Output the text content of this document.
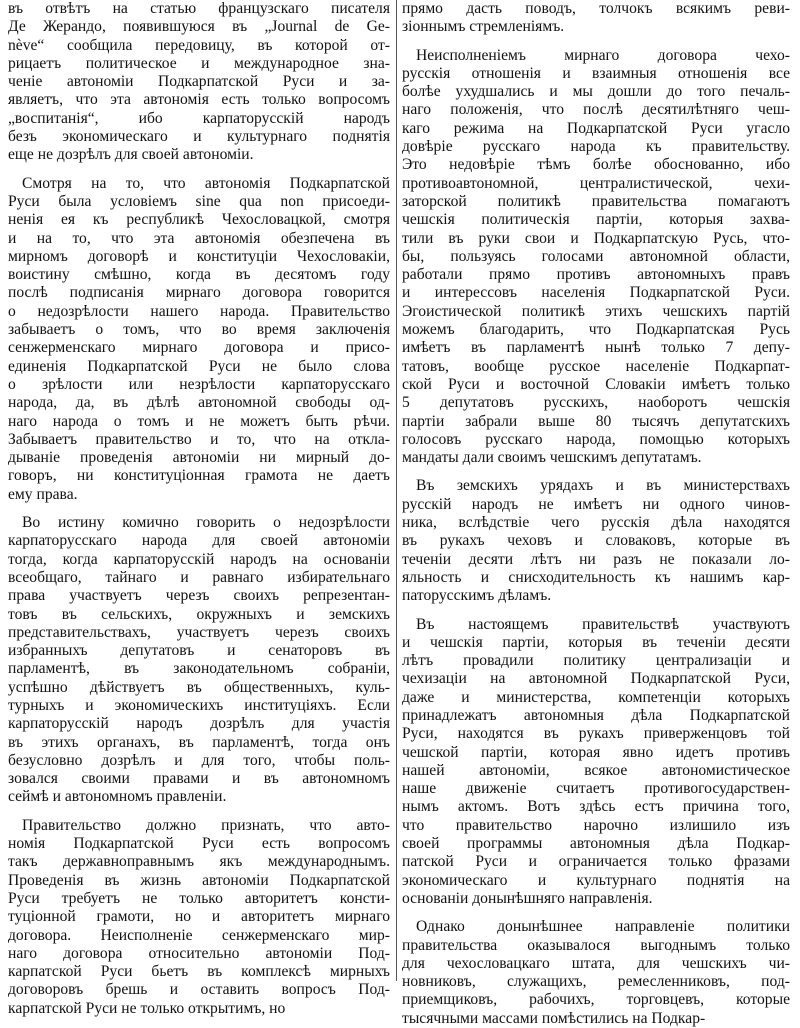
въ отвѣтъ на статью французскаго писателя
Де Жерандо, появившуюся въ „Journal de Ge-
nève“ сообщила передовицу, въ которой от-
рицаетъ политическое и международное зна-
ченіе автономіи Подкарпатской Руси и за-
являетъ, что эта автономія есть только вопросомъ
„воспитанія“, ибо карпаторусскій народъ
безъ экономическаго и культурнаго поднятія
еще не дозрѣлъ для своей автономіи.
Смотря на то, что автономія Подкарпатской
Руси была условіемъ sine qua non присоеди-
ненія ея къ республикѣ Чехословацкой, смотря
и на то, что эта автономія обезпечена въ
мирномъ договорѣ и конституціи Чехословакіи,
воистину смѣшно, когда въ десятомъ году
послѣ подписанія мирнаго договора говорится
о недозрѣлости нашего народа. Правительство
забываетъ о томъ, что во время заключенія
сенжерменскаго мирнаго договора и присо-
единенія Подкарпатской Руси не было слова
о зрѣлости или незрѣлости карпаторусскаго
народа, да, въ дѣлѣ автономной свободы од-
наго народа о томъ и не можетъ быть рѣчи.
Забываетъ правительство и то, что на откла-
дываніе проведенія автономіи ни мирный до-
говоръ, ни конституціонная грамота не даетъ
ему права.
Во истину комично говорить о недозрѣлости
карпаторусскаго народа для своей автономіи
тогда, когда карпаторусскій народъ на основаніи
всеобщаго, тайнаго и равнаго избирательнаго
права участвуетъ черезъ своихъ репрезентан-
товъ въ сельскихъ, окружныхъ и земскихъ
представительствахъ, участвуетъ черезъ своихъ
избранныхъ депутатовъ и сенаторовъ въ
парламентѣ, въ законодательномъ собраніи,
успѣшно дѣйствуетъ въ общественныхъ, куль-
турныхъ и экономическихъ институціяхъ. Если
карпаторусскій народъ дозрѣлъ для участія
въ этихъ органахъ, въ парламентѣ, тогда онъ
безусловно дозрѣлъ и для того, чтобы поль-
зовался своими правами и въ автономномъ
сеймѣ и автономномъ правленіи.
Правительство должно признать, что авто-
номія Подкарпатской Руси есть вопросомъ
такъ державноправнымъ якъ международнымъ.
Проведенія въ жизнь автономіи Подкарпатской
Руси требуетъ не только авторитетъ консти-
туціонной грамоти, но и авторитетъ мирнаго
договора. Неисполненіе сенжерменскаго мир-
наго договора относительно автономіи Под-
карпатской Руси бьетъ въ комплексѣ мирныхъ
договоровъ брешь и оставить вопросъ Под-
карпатской Руси не только открытимъ, но
прямо дасть поводъ, толчокъ всякимъ реви-
зіоннымъ стремленіямъ.
Неисполненіемъ мирнаго договора чехо-
русскія отношенія и взаимныя отношенія все
болѣе ухудшались и мы дошли до того печаль-
наго положенія, что послѣ десятилѣтняго чеш-
каго режима на Подкарпатской Руси угасло
довѣріе русскаго народа къ правительству.
Это недовѣріе тѣмъ болѣе обоснованно, ибо
противоавтономной, централистической, чехи-
заторской политикѣ правительства помагаютъ
чешскія политическія партіи, которыя захва-
тили въ руки свои и Подкарпатскую Русь, что-
бы, пользуясь голосами автономной области,
работали прямо противъ автономныхъ правъ
и интерессовъ населенія Подкарпатской Руси.
Эгоистической политикѣ этихъ чешскихъ партій
можемъ благодарить, что Подкарпатская Русь
имѣетъ въ парламентѣ нынѣ только 7 депу-
татовъ, вообще русское населеніе Подкарпат-
ской Руси и восточной Словакіи имѣетъ только
5 депутатовъ русскихъ, наоборотъ чешскія
партіи забрали выше 80 тысячъ депутатскихъ
голосовъ русскаго народа, помощью которыхъ
мандаты дали своимъ чешскимъ депутатамъ.
Въ земскихъ урядахъ и въ министерствахъ
русскій народъ не имѣетъ ни одного чинов-
ника, вслѣдствіе чего русскія дѣла находятся
въ рукахъ чеховъ и словаковъ, которые въ
теченіи десяти лѣтъ ни разъ не показали ло-
яльность и снисходительность къ нашимъ кар-
паторусскимъ дѣламъ.
Въ настоящемъ правительствѣ участвуютъ
и чешскія партіи, которыя въ теченіи десяти
лѣтъ провадили политику централизаціи и
чехизаціи на автономной Подкарпатской Руси,
даже и министерства, компетенціи которыхъ
принадлежатъ автономныя дѣла Подкарпатской
Руси, находятся въ рукахъ приверженцовъ той
чешской партіи, которая явно идетъ противъ
нашей автономіи, всякое автономистическое
наше движеніе считаетъ противогосударствен-
нымъ актомъ. Вотъ здѣсь естъ причина того,
что правительство нарочно излишило изъ
своей программы автономныя дѣла Подкар-
патской Руси и ограничается только фразами
экономическаго и культурнаго поднятія на
основаніи донынѣшняго направленія.
Однако донынѣшнее направленіе политики
правительства оказывалося выгоднымъ только
для чехословацкаго штата, для чешскихъ чи-
новниковъ, служащихъ, ремесленниковъ, под-
приемщиковъ, рабочихъ, торговцевъ, которые
тысячными массами помѣстились на Подкар-
